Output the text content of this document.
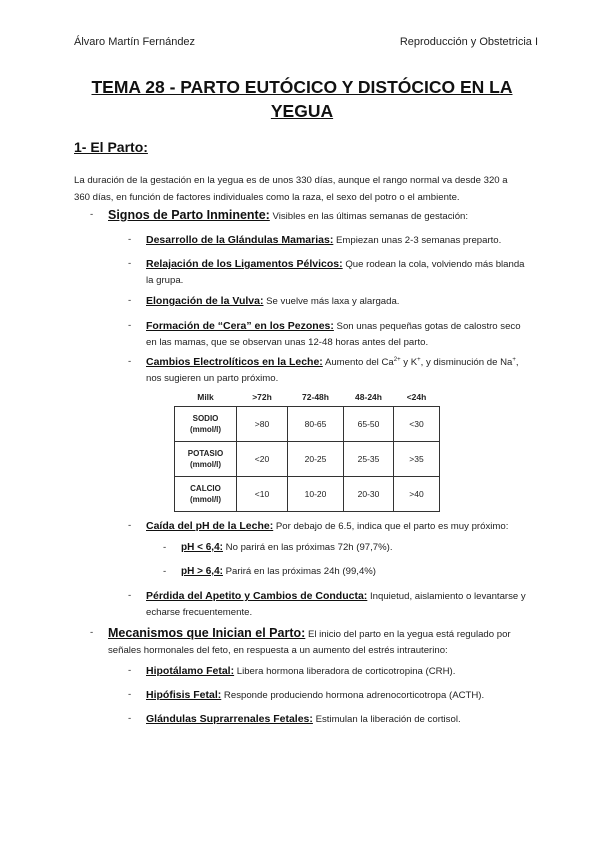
Álvaro Martín Fernández	Reproducción y Obstetricia I
TEMA 28 - PARTO EUTÓCICO Y DISTÓCICO EN LA YEGUA
1- El Parto:
La duración de la gestación en la yegua es de unos 330 días, aunque el rango normal va desde 320 a 360 días, en función de factores individuales como la raza, el sexo del potro o el ambiente.
- Signos de Parto Inminente: Visibles en las últimas semanas de gestación:
- Desarrollo de la Glándulas Mamarias: Empiezan unas 2-3 semanas preparto.
- Relajación de los Ligamentos Pélvicos: Que rodean la cola, volviendo más blanda la grupa.
- Elongación de la Vulva: Se vuelve más laxa y alargada.
- Formación de “Cera” en los Pezones: Son unas pequeñas gotas de calostro seco en las mamas, que se observan unas 12-48 horas antes del parto.
- Cambios Electrolíticos en la Leche: Aumento del $Ca^{2+}$ y K+, y disminución de Na+, nos sugieren un parto próximo.
Milk	>72h	72-48h	48-24h	<24h
SODIO
(mmol/l)	>80	80-65	65-50	<30
POTASIO
(mmol/l)	<20	20-25	25-35	>35
CALCIO
(mmol/l)	<10	10-20	20-30	>40
- Caída del pH de la Leche: Por debajo de 6.5, indica que el parto es muy próximo:
- pH < 6,4: No parirá en las próximas 72h (97,7%).
- pH > 6,4: Parirá en las próximas 24h (99,4%)
- Pérdida del Apetito y Cambios de Conducta: Inquietud, aislamiento o levantarse y echarse frecuentemente.
- Mecanismos que Inician el Parto: El inicio del parto en la yegua está regulado por señales hormonales del feto, en respuesta a un aumento del estrés intrauterino:
- Hipotálamo Fetal: Libera hormona liberadora de corticotropina (CRH).
- Hipófisis Fetal: Responde produciendo hormona adrenocorticotropa (ACTH).
- Glándulas Suprarrenales Fetales: Estimulan la liberación de cortisol.
